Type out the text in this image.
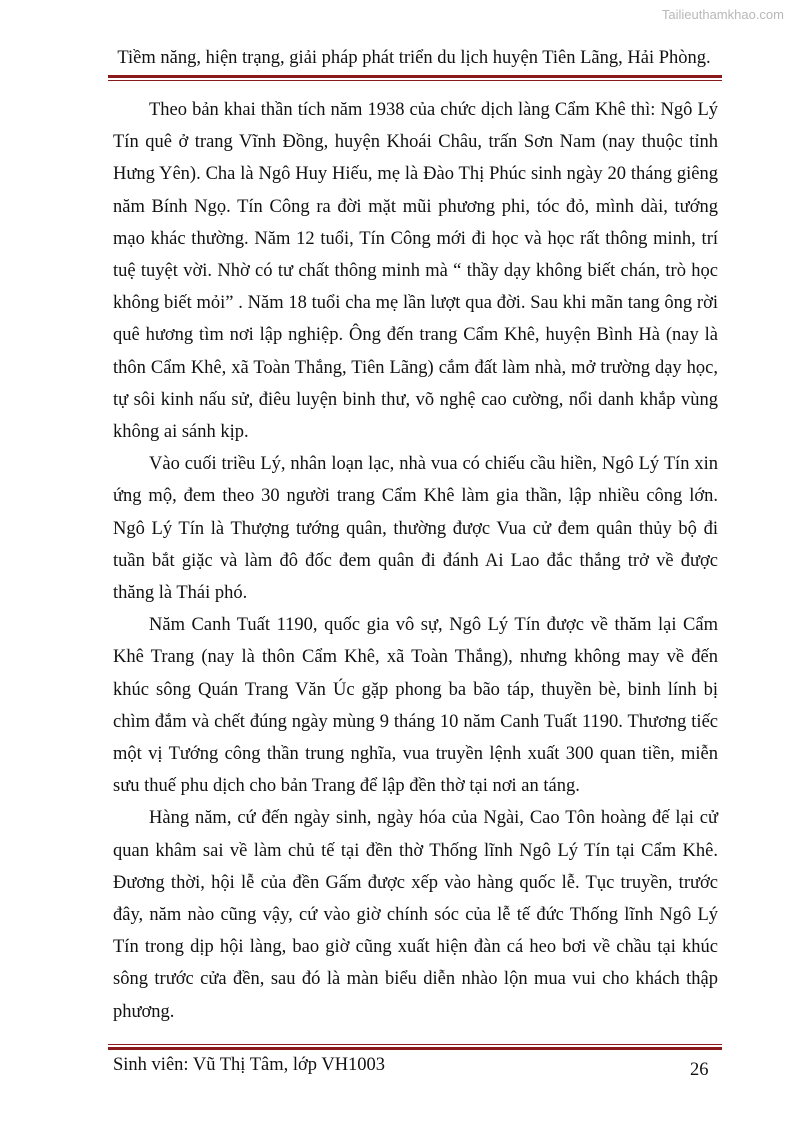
Tailieuthamkhao.com
Tiềm năng, hiện trạng, giải pháp phát triển du lịch huyện Tiên Lãng, Hải Phòng.

Theo bản khai thần tích năm 1938 của chức dịch làng Cẩm Khê thì: Ngô Lý Tín quê ở trang Vĩnh Đồng, huyện Khoái Châu, trấn Sơn Nam (nay thuộc tỉnh Hưng Yên). Cha là Ngô Huy Hiếu, mẹ là Đào Thị Phúc sinh ngày 20 tháng giêng năm Bính Ngọ. Tín Công ra đời mặt mũi phương phi, tóc đỏ, mình dài, tướng mạo khác thường. Năm 12 tuổi, Tín Công mới đi học và học rất thông minh, trí tuệ tuyệt vời. Nhờ có tư chất thông minh mà “ thầy dạy không biết chán, trò học không biết mỏi” . Năm 18 tuổi cha mẹ lần lượt qua đời. Sau khi mãn tang ông rời quê hương tìm nơi lập nghiệp. Ông đến trang Cẩm Khê, huyện Bình Hà (nay là thôn Cẩm Khê, xã Toàn Thắng, Tiên Lãng) cắm đất làm nhà, mở trường dạy học, tự sôi kinh nấu sử, điêu luyện binh thư, võ nghệ cao cường, nổi danh khắp vùng không ai sánh kịp.

Vào cuối triều Lý, nhân loạn lạc, nhà vua có chiếu cầu hiền, Ngô Lý Tín xin ứng mộ, đem theo 30 người trang Cẩm Khê làm gia thần, lập nhiều công lớn. Ngô Lý Tín là Thượng tướng quân, thường được Vua cử đem quân thủy bộ đi tuần bắt giặc và làm đô đốc đem quân đi đánh Ai Lao đắc thắng trở về được thăng là Thái phó.

Năm Canh Tuất 1190, quốc gia vô sự, Ngô Lý Tín được về thăm lại Cẩm Khê Trang (nay là thôn Cẩm Khê, xã Toàn Thắng), nhưng không may về đến khúc sông Quán Trang Văn Úc gặp phong ba bão táp, thuyền bè, binh lính bị chìm đắm và chết đúng ngày mùng 9 tháng 10 năm Canh Tuất 1190. Thương tiếc một vị Tướng công thần trung nghĩa, vua truyền lệnh xuất 300 quan tiền, miễn sưu thuế phu dịch cho bản Trang để lập đền thờ tại nơi an táng.

Hàng năm, cứ đến ngày sinh, ngày hóa của Ngài, Cao Tôn hoàng đế lại cử quan khâm sai về làm chủ tế tại đền thờ Thống lĩnh Ngô Lý Tín tại Cẩm Khê. Đương thời, hội lễ của đền Gấm được xếp vào hàng quốc lễ. Tục truyền, trước đây, năm nào cũng vậy, cứ vào giờ chính sóc của lễ tế đức Thống lĩnh Ngô Lý Tín trong dịp hội làng, bao giờ cũng xuất hiện đàn cá heo bơi về chầu tại khúc sông trước cửa đền, sau đó là màn biểu diễn nhào lộn mua vui cho khách thập phương.

Sinh viên: Vũ Thị Tâm, lớp VH1003	26
